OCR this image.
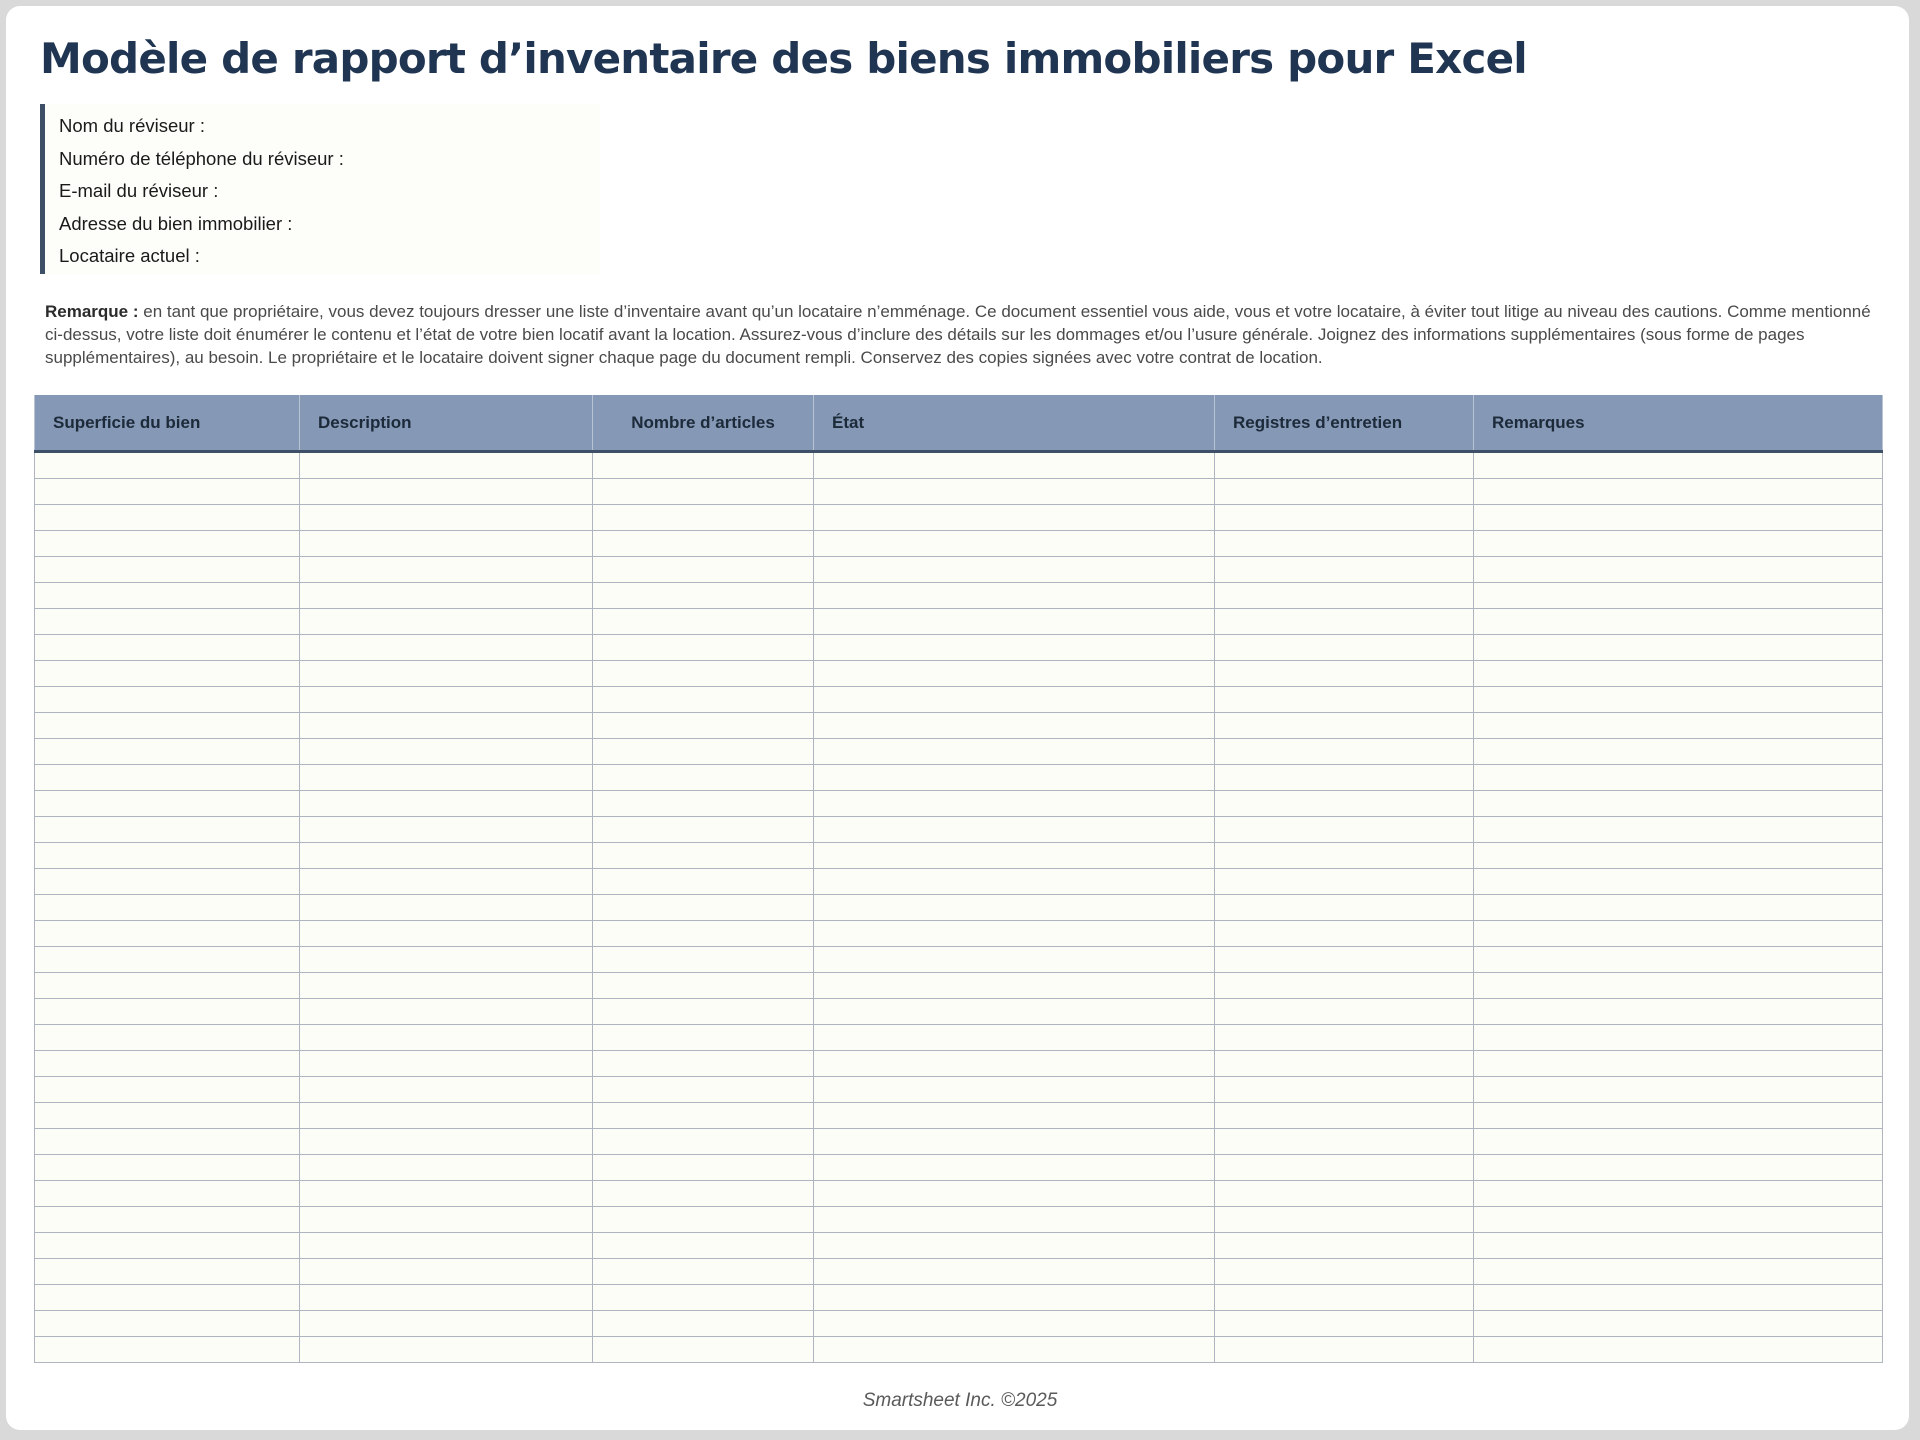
Modèle de rapport d’inventaire des biens immobiliers pour Excel
Nom du réviseur :
Numéro de téléphone du réviseur :
E-mail du réviseur :
Adresse du bien immobilier :
Locataire actuel :
Remarque : en tant que propriétaire, vous devez toujours dresser une liste d’inventaire avant qu’un locataire n’emménage. Ce document essentiel vous aide, vous et votre locataire, à éviter tout litige au niveau des cautions. Comme mentionné ci-dessus, votre liste doit énumérer le contenu et l’état de votre bien locatif avant la location. Assurez-vous d’inclure des détails sur les dommages et/ou l’usure générale. Joignez des informations supplémentaires (sous forme de pages supplémentaires), au besoin. Le propriétaire et le locataire doivent signer chaque page du document rempli. Conservez des copies signées avec votre contrat de location.
Superficie du bien	Description	Nombre d’articles	État	Registres d’entretien	Remarques

Smartsheet Inc. ©2025
